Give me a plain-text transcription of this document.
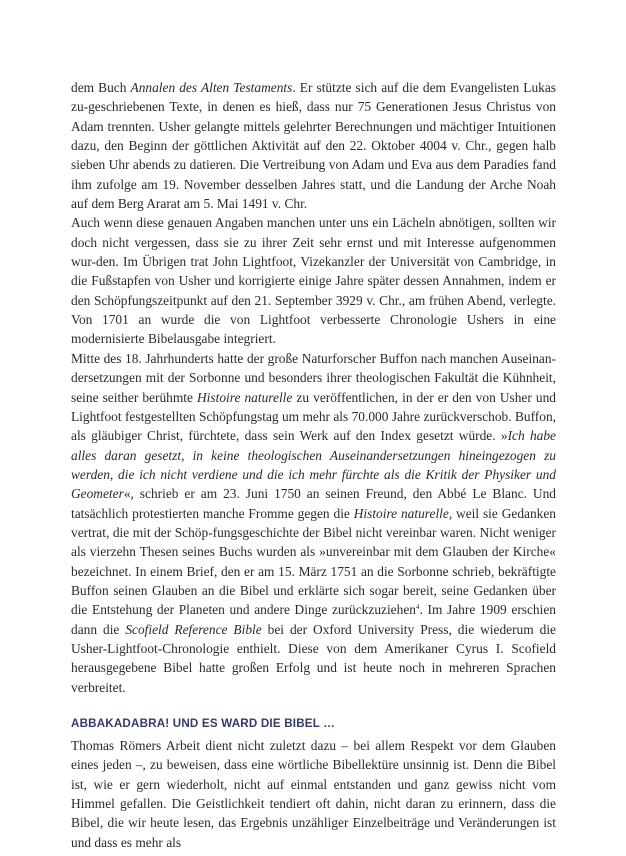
dem Buch Annalen des Alten Testaments. Er stützte sich auf die dem Evangelisten Lukas zu-geschriebenen Texte, in denen es hieß, dass nur 75 Generationen Jesus Christus von Adam trennten. Usher gelangte mittels gelehrter Berechnungen und mächtiger Intuitionen dazu, den Beginn der göttlichen Aktivität auf den 22. Oktober 4004 v. Chr., gegen halb sieben Uhr abends zu datieren. Die Vertreibung von Adam und Eva aus dem Paradies fand ihm zufolge am 19. November desselben Jahres statt, und die Landung der Arche Noah auf dem Berg Ararat am 5. Mai 1491 v. Chr.

Auch wenn diese genauen Angaben manchen unter uns ein Lächeln abnötigen, sollten wir doch nicht vergessen, dass sie zu ihrer Zeit sehr ernst und mit Interesse aufgenommen wur-den. Im Übrigen trat John Lightfoot, Vizekanzler der Universität von Cambridge, in die Fußstapfen von Usher und korrigierte einige Jahre später dessen Annahmen, indem er den Schöpfungszeitpunkt auf den 21. September 3929 v. Chr., am frühen Abend, verlegte. Von 1701 an wurde die von Lightfoot verbesserte Chronologie Ushers in eine modernisierte Bibelausgabe integriert.

Mitte des 18. Jahrhunderts hatte der große Naturforscher Buffon nach manchen Auseinan-dersetzungen mit der Sorbonne und besonders ihrer theologischen Fakultät die Kühnheit, seine seither berühmte Histoire naturelle zu veröffentlichen, in der er den von Usher und Lightfoot festgestellten Schöpfungstag um mehr als 70.000 Jahre zurückverschob. Buffon, als gläubiger Christ, fürchtete, dass sein Werk auf den Index gesetzt würde. »Ich habe alles daran gesetzt, in keine theologischen Auseinandersetzungen hineingezogen zu werden, die ich nicht verdiene und die ich mehr fürchte als die Kritik der Physiker und Geometer«, schrieb er am 23. Juni 1750 an seinen Freund, den Abbé Le Blanc. Und tatsächlich protestierten manche Fromme gegen die Histoire naturelle, weil sie Gedanken vertrat, die mit der Schöp-fungsgeschichte der Bibel nicht vereinbar waren. Nicht weniger als vierzehn Thesen seines Buchs wurden als »unvereinbar mit dem Glauben der Kirche« bezeichnet. In einem Brief, den er am 15. März 1751 an die Sorbonne schrieb, bekräftigte Buffon seinen Glauben an die Bibel und erklärte sich sogar bereit, seine Gedanken über die Entstehung der Planeten und andere Dinge zurückzuziehen$^4$. Im Jahre 1909 erschien dann die Scofield Reference Bible bei der Oxford University Press, die wiederum die Usher-Lightfoot-Chronologie enthielt. Diese von dem Amerikaner Cyrus I. Scofield herausgegebene Bibel hatte großen Erfolg und ist heute noch in mehreren Sprachen verbreitet.

ABBAKADABRA! UND ES WARD DIE BIBEL …

Thomas Römers Arbeit dient nicht zuletzt dazu – bei allem Respekt vor dem Glauben eines jeden –, zu beweisen, dass eine wörtliche Bibellektüre unsinnig ist. Denn die Bibel ist, wie er gern wiederholt, nicht auf einmal entstanden und ganz gewiss nicht vom Himmel gefallen. Die Geistlichkeit tendiert oft dahin, nicht daran zu erinnern, dass die Bibel, die wir heute lesen, das Ergebnis unzähliger Einzelbeiträge und Veränderungen ist und dass es mehr als
